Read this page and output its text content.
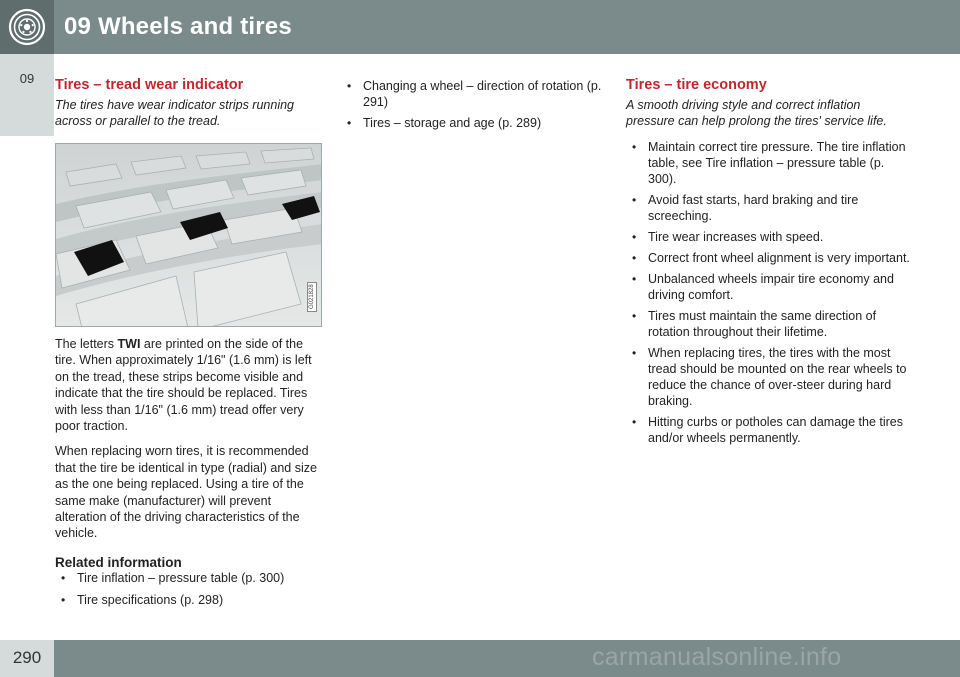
09 Wheels and tires
09	Tires – tread wear indicator
The tires have wear indicator strips running across or parallel to the tread.
G021828
The letters TWI are printed on the side of the tire. When approximately 1/16" (1.6 mm) is left on the tread, these strips become visible and indicate that the tire should be replaced. Tires with less than 1/16" (1.6 mm) tread offer very poor traction.
When replacing worn tires, it is recommended that the tire be identical in type (radial) and size as the one being replaced. Using a tire of the same make (manufacturer) will prevent alteration of the driving characteristics of the vehicle.
Related information
• Tire inflation – pressure table (p. 300)
• Tire specifications (p. 298)
• Changing a wheel – direction of rotation (p. 291)
• Tires – storage and age (p. 289)
Tires – tire economy
A smooth driving style and correct inflation pressure can help prolong the tires' service life.
• Maintain correct tire pressure. The tire inflation table, see Tire inflation – pressure table (p. 300).
• Avoid fast starts, hard braking and tire screeching.
• Tire wear increases with speed.
• Correct front wheel alignment is very important.
• Unbalanced wheels impair tire economy and driving comfort.
• Tires must maintain the same direction of rotation throughout their lifetime.
• When replacing tires, the tires with the most tread should be mounted on the rear wheels to reduce the chance of over-steer during hard braking.
• Hitting curbs or potholes can damage the tires and/or wheels permanently.
290	carmanualsonline.info
